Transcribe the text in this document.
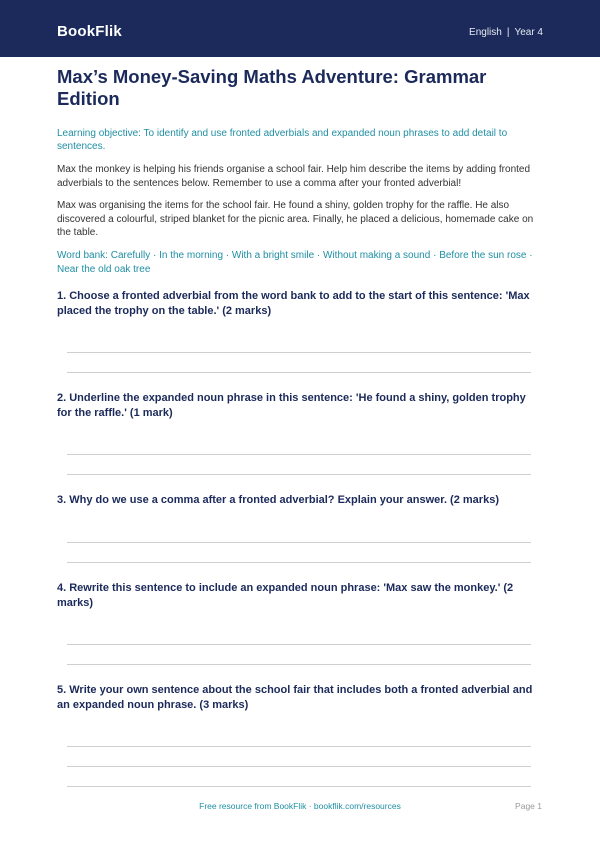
BookFlik	English | Year 4
Max’s Money-Saving Maths Adventure: Grammar Edition

Learning objective: To identify and use fronted adverbials and expanded noun phrases to add detail to sentences.

Max the monkey is helping his friends organise a school fair. Help him describe the items by adding fronted adverbials to the sentences below. Remember to use a comma after your fronted adverbial!

Max was organising the items for the school fair. He found a shiny, golden trophy for the raffle. He also discovered a colourful, striped blanket for the picnic area. Finally, he placed a delicious, homemade cake on the table.

Word bank: Carefully · In the morning · With a bright smile · Without making a sound · Before the sun rose · Near the old oak tree

1. Choose a fronted adverbial from the word bank to add to the start of this sentence: 'Max placed the trophy on the table.' (2 marks)

2. Underline the expanded noun phrase in this sentence: 'He found a shiny, golden trophy for the raffle.' (1 mark)

3. Why do we use a comma after a fronted adverbial? Explain your answer. (2 marks)

4. Rewrite this sentence to include an expanded noun phrase: 'Max saw the monkey.' (2 marks)

5. Write your own sentence about the school fair that includes both a fronted adverbial and an expanded noun phrase. (3 marks)

Free resource from BookFlik · bookflik.com/resources	Page 1
